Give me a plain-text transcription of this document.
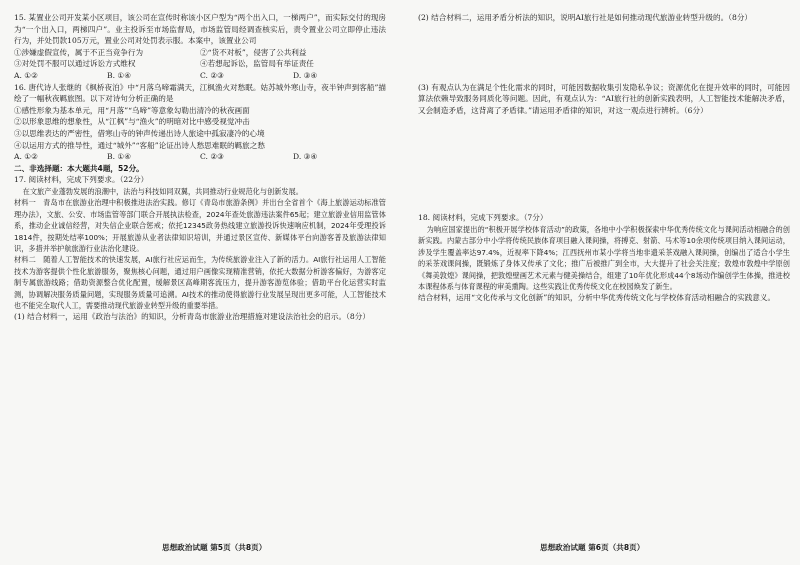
15. 某置业公司开发某小区项目，该公司在宣传时称该小区户型为“两个出入口，一梯两户”，而实际交付的现房为“一个出入口，两梯四户”。业主投诉至市场监督局，市场监管局经调查核实后，责令置业公司立即停止违法行为，并处罚款105万元，置业公司对处罚表示服。本案中，该置业公司

①涉嫌虚假宣传，属于不正当竞争行为	②“货不对板”，侵害了公共利益
③对处罚不服可以通过诉讼方式维权	④若想起诉讼，监管局有举证责任
A. ①②	B. ①④	C. ②③	D. ③④

16. 唐代诗人张继的《枫桥夜泊》中“月落乌啼霜满天，江枫渔火对愁眠。姑苏城外寒山寺，夜半钟声到客船”描绘了一幅秋夜羁旅图。以下对诗句分析正确的是

①感性形象为基本单元，用“月落”“乌啼”等意象勾勒出清冷的秋夜画面

②以形象思维的想象性，从“江枫”与“渔火”的明暗对比中感受视觉冲击

③以思维表达的严密性，借寒山寺的钟声传递出诗人旅途中孤寂凄冷的心境

④以运用方式的推导性，通过“城外”“客船”论证出诗人愁思难眠的羁旅之愁

A. ①②	B. ①④	C. ②③	D. ③④

二、非选择题：本大题共4题，52分。

17. 阅读材料，完成下列要求。（22分）

在文旅产业蓬勃发展的浪潮中，法治与科技如同双翼，共同推动行业规范化与创新发展。

材料一　青岛市在旅游业治理中积极推进法治实践。修订《青岛市旅游条例》并出台全省首个《海上旅游运动标准管理办法》，文旅、公安、市场监管等部门联合开展执法检查，2024年查处旅游违法案件65起；建立旅游业信用监管体系，推动企业诚信经营，对失信企业联合惩戒；依托12345政务热线建立旅游投诉快速响应机制，2024年受理投诉1814件，按期处结率100%；开展旅游从业者法律知识培训，并通过景区宣传、新媒体平台向游客普及旅游法律知识，多措并举护航旅游行业法治化建设。

材料二　随着人工智能技术的快速发展，AI旅行社应运而生，为传统旅游业注入了新的活力。AI旅行社运用人工智能技术为游客提供个性化旅游服务，聚焦核心问题，通过用户画像实现精准营销，依托大数据分析游客偏好，为游客定制专属旅游线路；借助资源整合优化配置，缓解景区高峰期客流压力，提升游客游览体验；借助平台化运营实时监测，协调解决服务质量问题，实现服务质量可追溯。AI技术的推动使得旅游行业发展呈现出更多可能，人工智能技术也不能完全取代人工，需要推动现代旅游业转型升级的重要举措。

(1) 结合材料一，运用《政治与法治》的知识，分析青岛市旅游业治理措施对建设法治社会的启示。（8分）

(2) 结合材料二，运用矛盾分析法的知识，说明AI旅行社是如何推动现代旅游业转型升级的。（8分）

(3) 有观点认为在满足个性化需求的同时，可能因数据收集引发隐私争议；资源优化在提升效率的同时，可能因算法依赖导致服务同质化等问题。因此，有观点认为：“AI旅行社的创新实践表明，人工智能技术能解决矛盾，又会制造矛盾，这背离了矛盾律。”请运用矛盾律的知识，对这一观点进行辨析。（6分）

18. 阅读材料，完成下列要求。（7分）

为响应国家提出的“积极开展学校体育活动”的政策，各地中小学积极探索中华优秀传统文化与课间活动相融合的创新实践。内蒙古部分中小学将传统民族体育项目融入课间操，将搏克、射箭、马术等10余项传统项目纳入课间运动，涉及学生覆盖率达97.4%，近视率下降4%；江西抚州市某小学将当地非遗采茶戏融入课间操，创编出了适合小学生的采茶戏课间操，既锻炼了身体又传承了文化；推广后被推广到全市，大大提升了社会关注度；敦煌市敦煌中学原创《舞美敦煌》课间操，把敦煌壁画艺术元素与健美操结合，组建了10年优化形成44个8场动作编创学生体操，推进校本课程体系与体育课程的审美熏陶。这些实践让优秀传统文化在校园焕发了新生。

结合材料，运用“文化传承与文化创新”的知识，分析中华优秀传统文化与学校体育活动相融合的实践意义。

思想政治试题 第5页（共8页）	思想政治试题 第6页（共8页）
